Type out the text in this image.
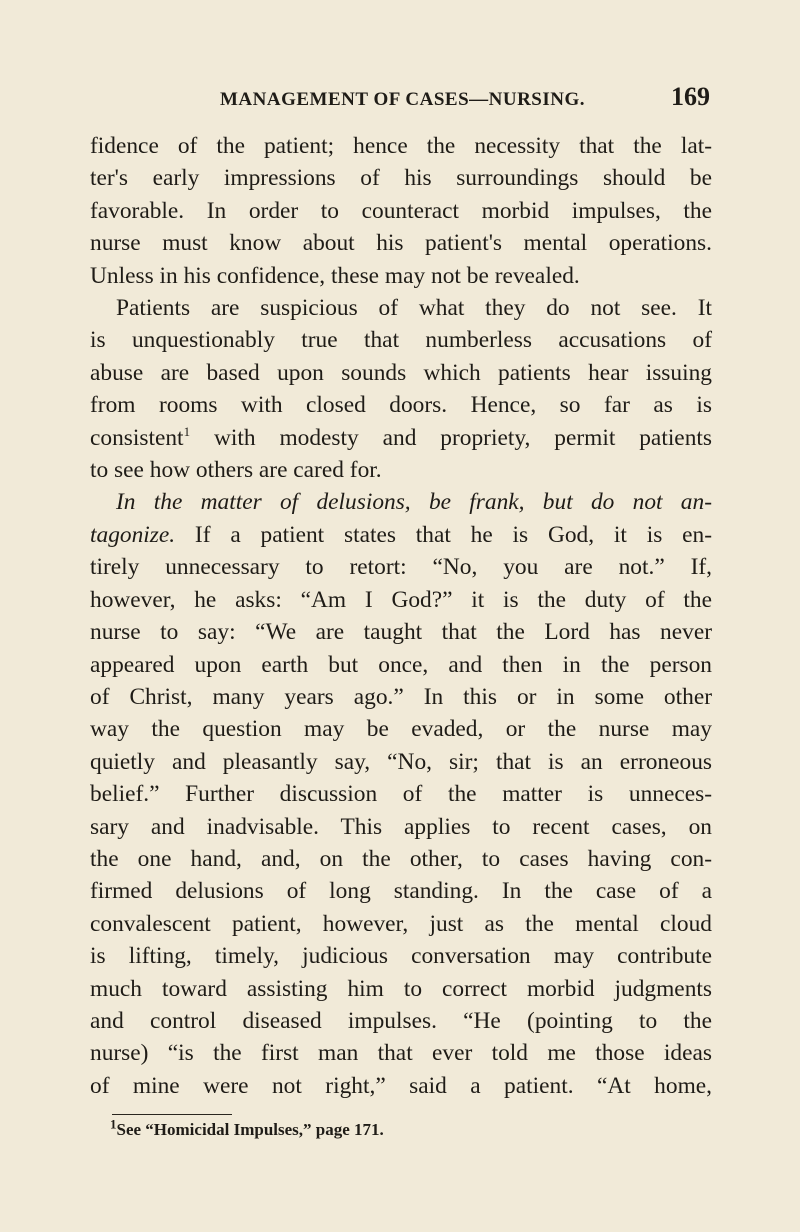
MANAGEMENT OF CASES—NURSING.	169
fidence of the patient; hence the necessity that the lat-
ter's early impressions of his surroundings should be
favorable. In order to counteract morbid impulses, the
nurse must know about his patient's mental operations.
Unless in his confidence, these may not be revealed.
Patients are suspicious of what they do not see. It
is unquestionably true that numberless accusations of
abuse are based upon sounds which patients hear issuing
from rooms with closed doors. Hence, so far as is
consistent$^1$ with modesty and propriety, permit patients
to see how others are cared for.
In the matter of delusions, be frank, but do not an-
tagonize. If a patient states that he is God, it is en-
tirely unnecessary to retort: “No, you are not.” If,
however, he asks: “Am I God?” it is the duty of the
nurse to say: “We are taught that the Lord has never
appeared upon earth but once, and then in the person
of Christ, many years ago.” In this or in some other
way the question may be evaded, or the nurse may
quietly and pleasantly say, “No, sir; that is an erroneous
belief.” Further discussion of the matter is unneces-
sary and inadvisable. This applies to recent cases, on
the one hand, and, on the other, to cases having con-
firmed delusions of long standing. In the case of a
convalescent patient, however, just as the mental cloud
is lifting, timely, judicious conversation may contribute
much toward assisting him to correct morbid judgments
and control diseased impulses. “He (pointing to the
nurse) “is the first man that ever told me those ideas
of mine were not right,” said a patient. “At home,
$^1$See “Homicidal Impulses,” page 171.
